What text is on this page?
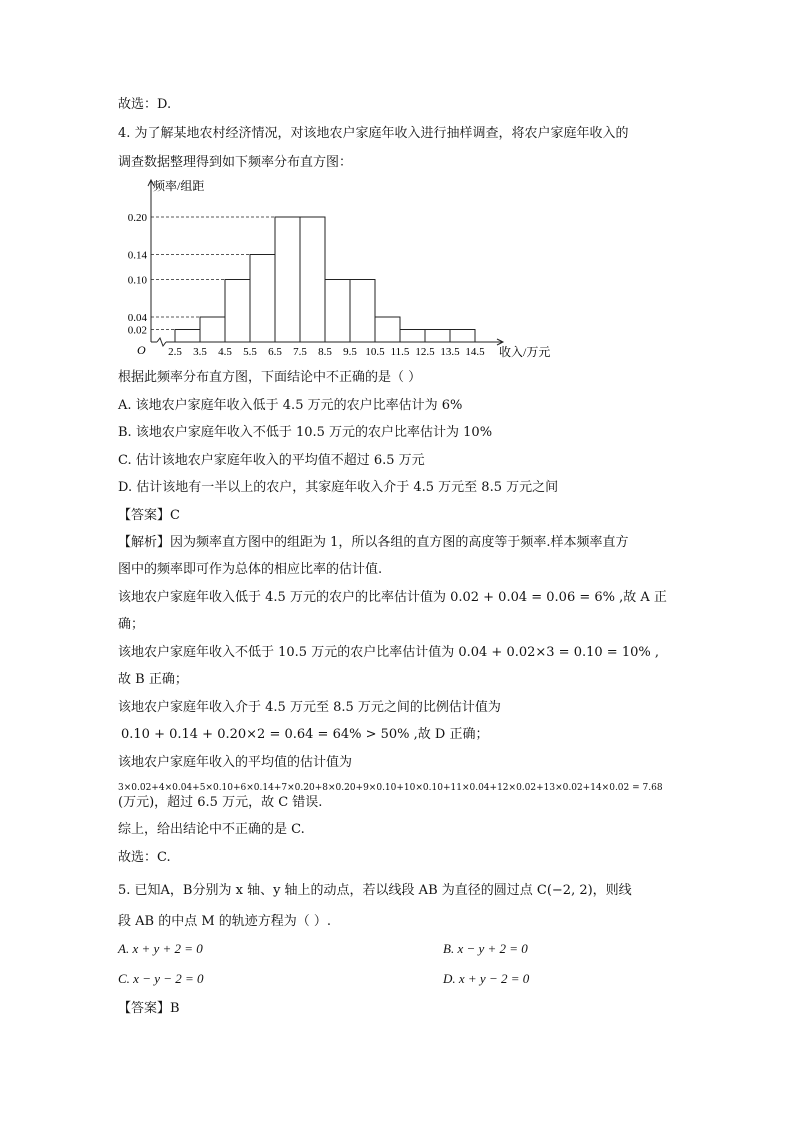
故选：D.
4. 为了解某地农村经济情况，对该地农户家庭年收入进行抽样调查，将农户家庭年收入的
调查数据整理得到如下频率分布直方图：
频率/组距
收入/万元
O
0.02
0.04
0.10
0.14
0.20
2.5 3.5 4.5 5.5 6.5 7.5 8.5 9.5 10.5 11.5 12.5 13.5 14.5
根据此频率分布直方图，下面结论中不正确的是（ ）
A. 该地农户家庭年收入低于 4.5 万元的农户比率估计为 6%
B. 该地农户家庭年收入不低于 10.5 万元的农户比率估计为 10%
C. 估计该地农户家庭年收入的平均值不超过 6.5 万元
D. 估计该地有一半以上的农户，其家庭年收入介于 4.5 万元至 8.5 万元之间
【答案】C
【解析】因为频率直方图中的组距为 1，所以各组的直方图的高度等于频率.样本频率直方
图中的频率即可作为总体的相应比率的估计值.
该地农户家庭年收入低于 4.5 万元的农户的比率估计值为 0.02 + 0.04 = 0.06 = 6% ,故 A 正
确；
该地农户家庭年收入不低于 10.5 万元的农户比率估计值为 0.04 + 0.02×3 = 0.10 = 10% ,
故 B 正确；
该地农户家庭年收入介于 4.5 万元至 8.5 万元之间的比例估计值为
0.10 + 0.14 + 0.20×2 = 0.64 = 64% > 50% ,故 D 正确；
该地农户家庭年收入的平均值的估计值为
3×0.02+4×0.04+5×0.10+6×0.14+7×0.20+8×0.20+9×0.10+10×0.10+11×0.04+12×0.02+13×0.02+14×0.02 = 7.68
(万元)，超过 6.5 万元，故 C 错误.
综上，给出结论中不正确的是 C.
故选：C.
5. 已知A，B分别为 x 轴、y 轴上的动点，若以线段 AB 为直径的圆过点 C(−2, 2)，则线
段 AB 的中点 M 的轨迹方程为（ ）.
A. x + y + 2 = 0	B. x − y + 2 = 0
C. x − y − 2 = 0	D. x + y − 2 = 0
【答案】B
